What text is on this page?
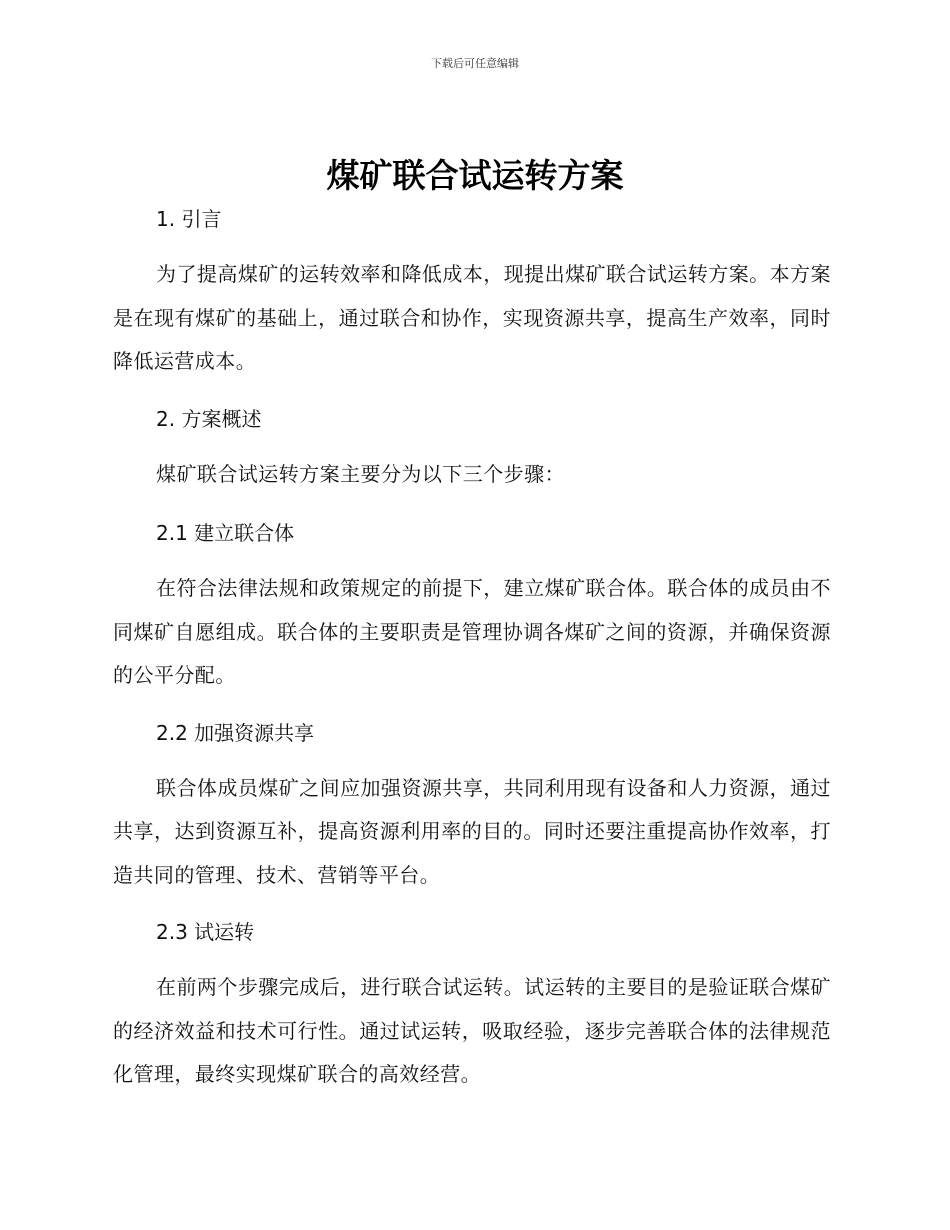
下载后可任意编辑
煤矿联合试运转方案
1. 引言
为了提高煤矿的运转效率和降低成本，现提出煤矿联合试运转方案。本方案是在现有煤矿的基础上，通过联合和协作，实现资源共享，提高生产效率，同时降低运营成本。
2. 方案概述
煤矿联合试运转方案主要分为以下三个步骤：
2.1 建立联合体
在符合法律法规和政策规定的前提下，建立煤矿联合体。联合体的成员由不同煤矿自愿组成。联合体的主要职责是管理协调各煤矿之间的资源，并确保资源的公平分配。
2.2 加强资源共享
联合体成员煤矿之间应加强资源共享，共同利用现有设备和人力资源，通过共享，达到资源互补，提高资源利用率的目的。同时还要注重提高协作效率，打造共同的管理、技术、营销等平台。
2.3 试运转
在前两个步骤完成后，进行联合试运转。试运转的主要目的是验证联合煤矿的经济效益和技术可行性。通过试运转，吸取经验，逐步完善联合体的法律规范化管理，最终实现煤矿联合的高效经营。
